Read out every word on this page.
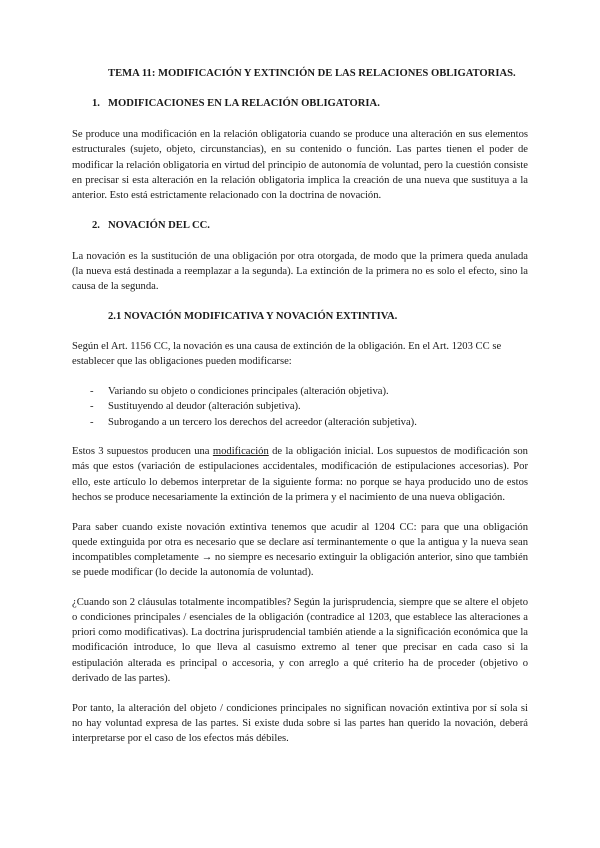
TEMA 11: MODIFICACIÓN Y EXTINCIÓN DE LAS RELACIONES OBLIGATORIAS.
1. MODIFICACIONES EN LA RELACIÓN OBLIGATORIA.

Se produce una modificación en la relación obligatoria cuando se produce una alteración en sus elementos estructurales (sujeto, objeto, circunstancias), en su contenido o función. Las partes tienen el poder de modificar la relación obligatoria en virtud del principio de autonomía de voluntad, pero la cuestión consiste en precisar si esta alteración en la relación obligatoria implica la creación de una nueva que sustituya a la anterior. Esto está estrictamente relacionado con la doctrina de novación.

2. NOVACIÓN DEL CC.

La novación es la sustitución de una obligación por otra otorgada, de modo que la primera queda anulada (la nueva está destinada a reemplazar a la segunda). La extinción de la primera no es solo el efecto, sino la causa de la segunda.

2.1 NOVACIÓN MODIFICATIVA Y NOVACIÓN EXTINTIVA.

Según el Art. 1156 CC, la novación es una causa de extinción de la obligación. En el Art. 1203 CC se establecer que las obligaciones pueden modificarse:

-	Variando su objeto o condiciones principales (alteración objetiva).
-	Sustituyendo al deudor (alteración subjetiva).
-	Subrogando a un tercero los derechos del acreedor (alteración subjetiva).

Estos 3 supuestos producen una modificación de la obligación inicial. Los supuestos de modificación son más que estos (variación de estipulaciones accidentales, modificación de estipulaciones accesorias). Por ello, este artículo lo debemos interpretar de la siguiente forma: no porque se haya producido uno de estos hechos se produce necesariamente la extinción de la primera y el nacimiento de una nueva obligación.

Para saber cuando existe novación extintiva tenemos que acudir al 1204 CC: para que una obligación quede extinguida por otra es necesario que se declare así terminantemente o que la antigua y la nueva sean incompatibles completamente → no siempre es necesario extinguir la obligación anterior, sino que también se puede modificar (lo decide la autonomía de voluntad).

¿Cuando son 2 cláusulas totalmente incompatibles? Según la jurisprudencia, siempre que se altere el objeto o condiciones principales / esenciales de la obligación (contradice al 1203, que establece las alteraciones a priori como modificativas). La doctrina jurisprudencial también atiende a la significación económica que la modificación introduce, lo que lleva al casuismo extremo al tener que precisar en cada caso si la estipulación alterada es principal o accesoria, y con arreglo a qué criterio ha de proceder (objetivo o derivado de las partes).

Por tanto, la alteración del objeto / condiciones principales no significan novación extintiva por sí sola si no hay voluntad expresa de las partes. Si existe duda sobre si las partes han querido la novación, deberá interpretarse por el caso de los efectos más débiles.
